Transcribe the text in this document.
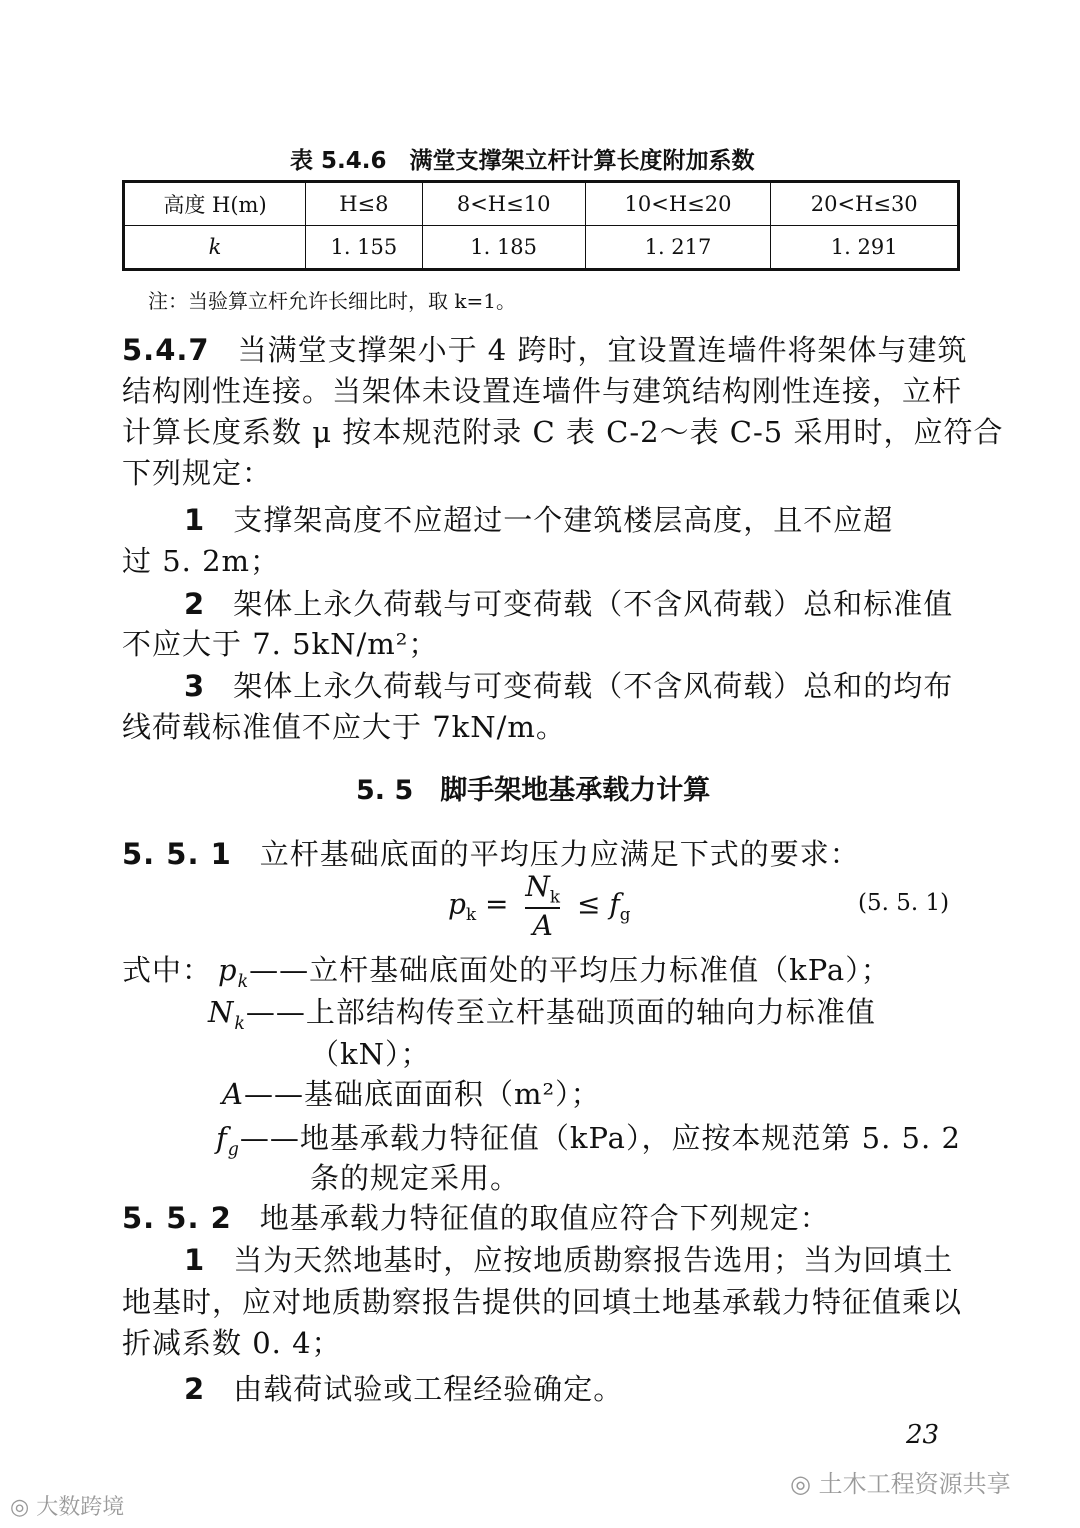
表 5.4.6　满堂支撑架立杆计算长度附加系数
高度 H(m)	H≤8	8<H≤10	10<H≤20	20<H≤30
k	1. 155	1. 185	1. 217	1. 291
注：当验算立杆允许长细比时，取 k=1。
5.4.7 当满堂支撑架小于 4 跨时，宜设置连墙件将架体与建筑
结构刚性连接。当架体未设置连墙件与建筑结构刚性连接，立杆
计算长度系数 μ 按本规范附录 C 表 C-2～表 C-5 采用时，应符合
下列规定：
1 支撑架高度不应超过一个建筑楼层高度，且不应超
过 5. 2m；
2 架体上永久荷载与可变荷载（不含风荷载）总和标准值
不应大于 7. 5kN/m²；
3 架体上永久荷载与可变荷载（不含风荷载）总和的均布
线荷载标准值不应大于 7kN/m。
5. 5　脚手架地基承载力计算
5. 5. 1 立杆基础底面的平均压力应满足下式的要求：
$p_k = \frac{N_k}{A} \le f_g$	(5. 5. 1)
式中： $p_k——$立杆基础底面处的平均压力标准值（kPa）；
$N_k——$上部结构传至立杆基础顶面的轴向力标准值
（kN）；
A——基础底面面积（m²）；
$f_g——$地基承载力特征值（kPa），应按本规范第 5. 5. 2
条的规定采用。
5. 5. 2 地基承载力特征值的取值应符合下列规定：
1 当为天然地基时，应按地质勘察报告选用；当为回填土
地基时，应对地质勘察报告提供的回填土地基承载力特征值乘以
折减系数 0. 4；
2 由载荷试验或工程经验确定。
23
◎ 大数跨境
◎ 土木工程资源共享
